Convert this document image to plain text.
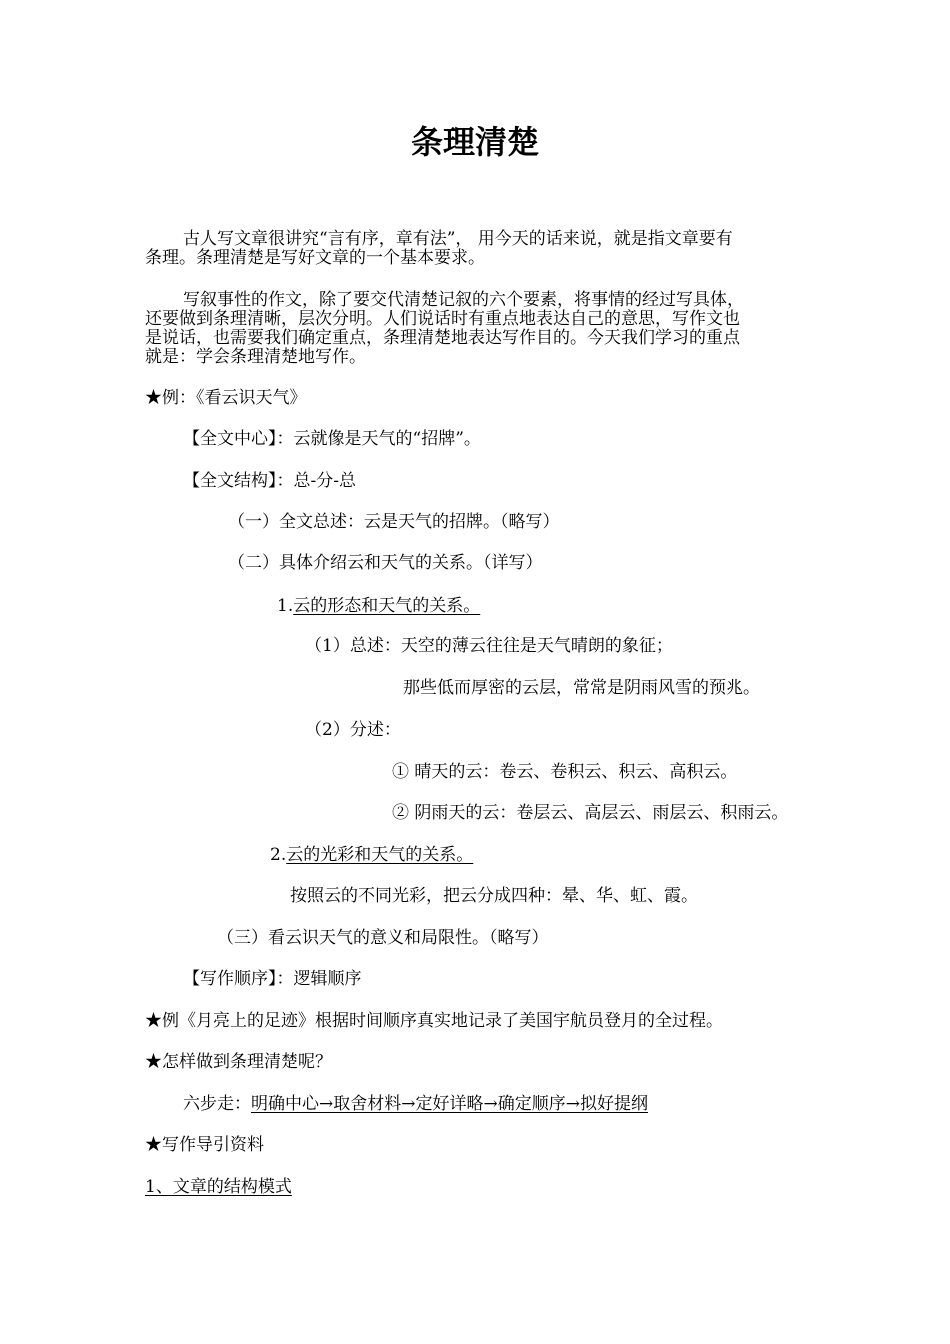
条理清楚
古人写文章很讲究“言有序，章有法”， 用今天的话来说，就是指文章要有
条理。条理清楚是写好文章的一个基本要求。
写叙事性的作文，除了要交代清楚记叙的六个要素，将事情的经过写具体，
还要做到条理清晰，层次分明。人们说话时有重点地表达自己的意思，写作文也
是说话，也需要我们确定重点，条理清楚地表达写作目的。今天我们学习的重点
就是：学会条理清楚地写作。
★例：《看云识天气》
【全文中心】：云就像是天气的“招牌”。
【全文结构】：总-分-总
（一）全文总述：云是天气的招牌。（略写）
（二）具体介绍云和天气的关系。（详写）
1.云的形态和天气的关系。
（1）总述：天空的薄云往往是天气晴朗的象征；
那些低而厚密的云层，常常是阴雨风雪的预兆。
（2）分述：
① 晴天的云：卷云、卷积云、积云、高积云。
② 阴雨天的云：卷层云、高层云、雨层云、积雨云。
2.云的光彩和天气的关系。
按照云的不同光彩，把云分成四种：晕、华、虹、霞。
（三）看云识天气的意义和局限性。（略写）
【写作顺序】：逻辑顺序
★例《月亮上的足迹》根据时间顺序真实地记录了美国宇航员登月的全过程。
★怎样做到条理清楚呢？
六步走：明确中心→取舍材料→定好详略→确定顺序→拟好提纲
★写作导引资料
1、文章的结构模式
